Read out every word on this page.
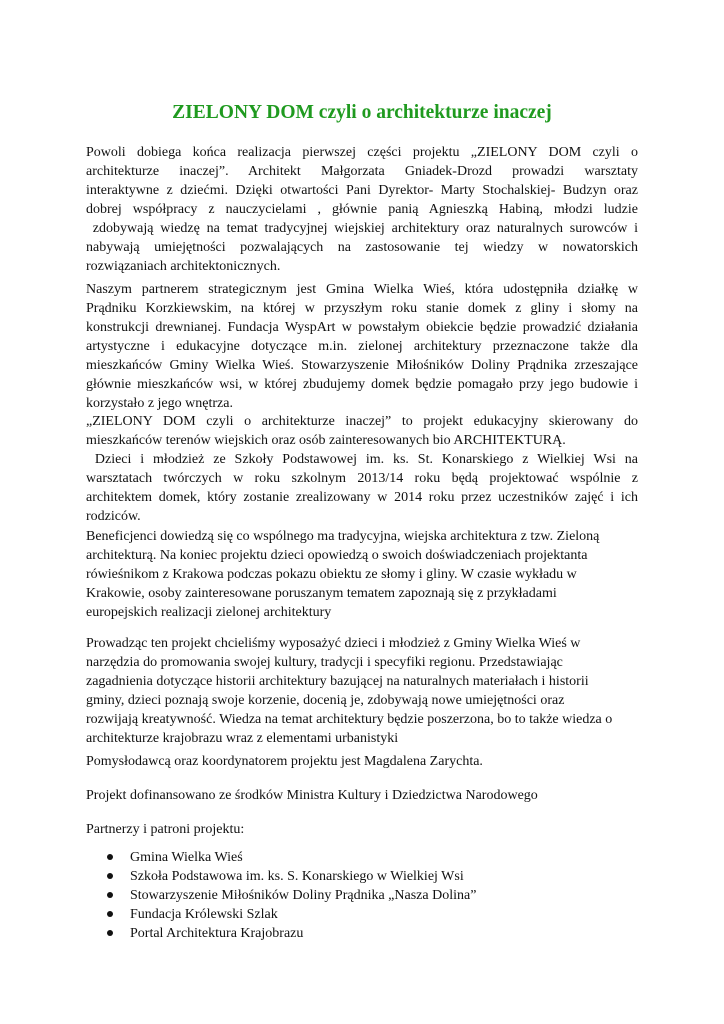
ZIELONY DOM czyli o architekturze inaczej

Powoli dobiega końca realizacja pierwszej części projektu „ZIELONY DOM czyli o
architekturze inaczej”. Architekt Małgorzata Gniadek-Drozd prowadzi warsztaty
interaktywne z dziećmi. Dzięki otwartości Pani Dyrektor- Marty Stochalskiej- Budzyn oraz
dobrej współpracy z nauczycielami , głównie panią Agnieszką Habiną, młodzi ludzie
zdobywają wiedzę na temat tradycyjnej wiejskiej architektury oraz naturalnych surowców i
nabywają umiejętności pozwalających na zastosowanie tej wiedzy w nowatorskich
rozwiązaniach architektonicznych.

Naszym partnerem strategicznym jest Gmina Wielka Wieś, która udostępniła działkę w
Prądniku Korzkiewskim, na której w przyszłym roku stanie domek z gliny i słomy na
konstrukcji drewnianej. Fundacja WyspArt w powstałym obiekcie będzie prowadzić działania
artystyczne i edukacyjne dotyczące m.in. zielonej architektury przeznaczone także dla
mieszkańców Gminy Wielka Wieś. Stowarzyszenie Miłośników Doliny Prądnika zrzeszające
głównie mieszkańców wsi, w której zbudujemy domek będzie pomagało przy jego budowie i
korzystało z jego wnętrza.

„ZIELONY DOM czyli o architekturze inaczej” to projekt edukacyjny skierowany do
mieszkańców terenów wiejskich oraz osób zainteresowanych bio ARCHITEKTURĄ.
Dzieci i młodzież ze Szkoły Podstawowej im. ks. St. Konarskiego z Wielkiej Wsi na
warsztatach twórczych w roku szkolnym 2013/14 roku będą projektować wspólnie z
architektem domek, który zostanie zrealizowany w 2014 roku przez uczestników zajęć i ich
rodziców.

Beneficjenci dowiedzą się co wspólnego ma tradycyjna, wiejska architektura z tzw. Zieloną
architekturą. Na koniec projektu dzieci opowiedzą o swoich doświadczeniach projektanta
rówieśnikom z Krakowa podczas pokazu obiektu ze słomy i gliny. W czasie wykładu w
Krakowie, osoby zainteresowane poruszanym tematem zapoznają się z przykładami
europejskich realizacji zielonej architektury

Prowadząc ten projekt chcieliśmy wyposażyć dzieci i młodzież z Gminy Wielka Wieś w
narzędzia do promowania swojej kultury, tradycji i specyfiki regionu. Przedstawiając
zagadnienia dotyczące historii architektury bazującej na naturalnych materiałach i historii
gminy, dzieci poznają swoje korzenie, docenią je, zdobywają nowe umiejętności oraz
rozwijają kreatywność. Wiedza na temat architektury będzie poszerzona, bo to także wiedza o
architekturze krajobrazu wraz z elementami urbanistyki

Pomysłodawcą oraz koordynatorem projektu jest Magdalena Zarychta.

Projekt dofinansowano ze środków Ministra Kultury i Dziedzictwa Narodowego

Partnerzy i patroni projektu:

Gmina Wielka Wieś
Szkoła Podstawowa im. ks. S. Konarskiego w Wielkiej Wsi
Stowarzyszenie Miłośników Doliny Prądnika „Nasza Dolina”
Fundacja Królewski Szlak
Portal Architektura Krajobrazu
